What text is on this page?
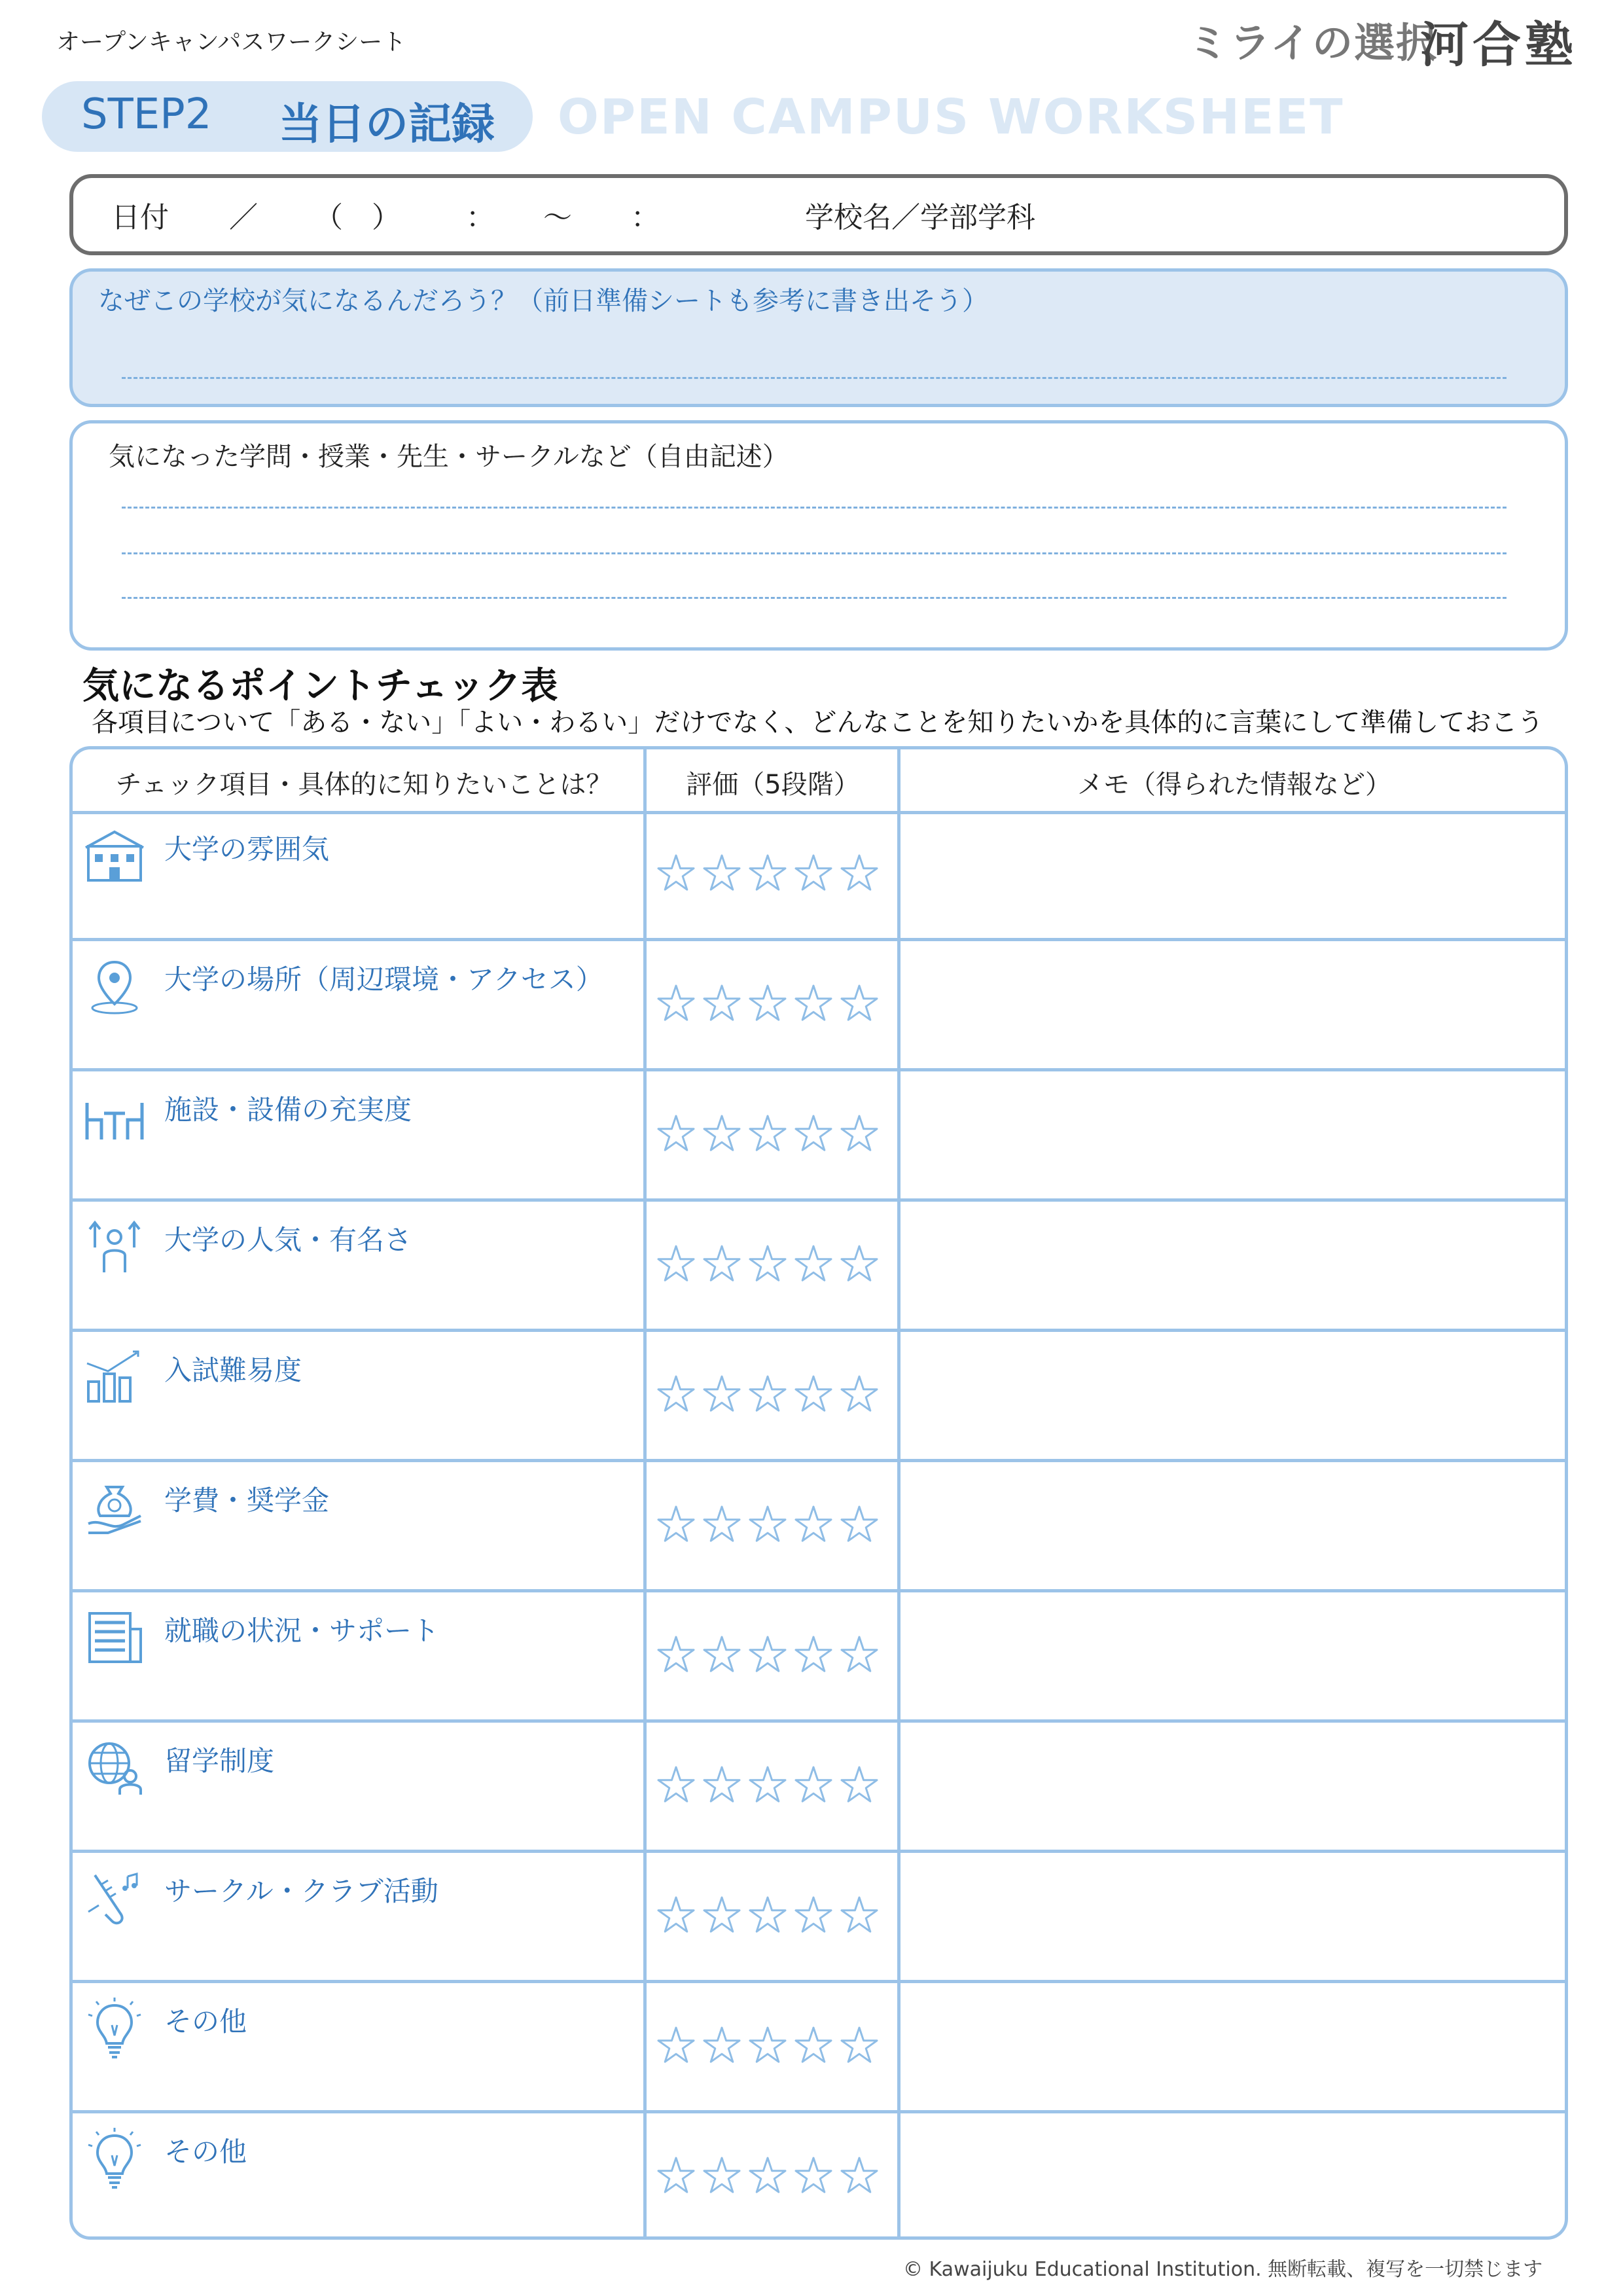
オープンキャンパスワークシート	ミライの選択
河合塾
STEP2 当日の記録 OPEN CAMPUS WORKSHEET
日付 ／ （ ） ： ～ ：	学校名／学部学科
なぜこの学校が気になるんだろう？（前日準備シートも参考に書き出そう）
気になった学問・授業・先生・サークルなど（自由記述）
気になるポイントチェック表
各項目について「ある・ない」「よい・わるい」だけでなく、どんなことを知りたいかを具体的に言葉にして準備しておこう
チェック項目・具体的に知りたいことは？	評価（5段階）	メモ（得られた情報など）
大学の雰囲気
大学の場所（周辺環境・アクセス）
施設・設備の充実度
大学の人気・有名さ
入試難易度
学費・奨学金
就職の状況・サポート
留学制度
サークル・クラブ活動
その他
その他
© Kawaijuku Educational Institution. 無断転載、複写を一切禁じます
